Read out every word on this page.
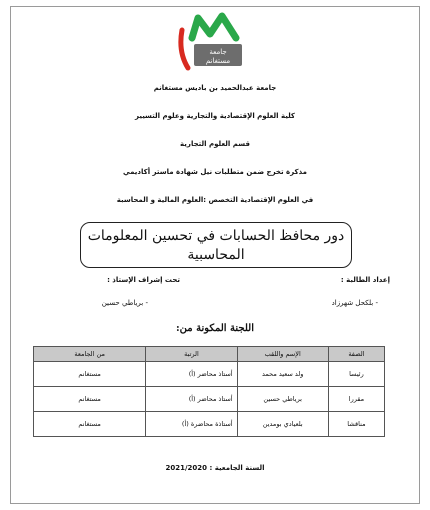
جامعة
مستغانم
جامعة عبدالحميد بن باديس مستغانم
كلية العلوم الإقتصادية والتجارية وعلوم التسيير
قسم العلوم التجارية
مذكرة تخرج ضمن متطلبات نيل شهادة ماستر أكاديمي
في العلوم الإقتصادية التخصص :العلوم المالية و المحاسبة
دور محافظ الحسابات في تحسين المعلومات
المحاسبية
إعداد الطالبة :
- بلكحل شهرزاد
تحت إشراف الإستاذ :
- برياطي حسين
اللجنة المكونة من:
الصفة	الإسم واللقب	الرتبة	من الجامعة
رئيسا	ولد سعيد محمد	أستاذ محاضر (أ)	مستغانم
مقررا	برياطي حسين	أستاذ محاضر (أ)	مستغانم
مناقشا	بلعيادي بومدين	أستاذة محاضرة (أ)	مستغانم
السنة الجامعية : 2021/2020
